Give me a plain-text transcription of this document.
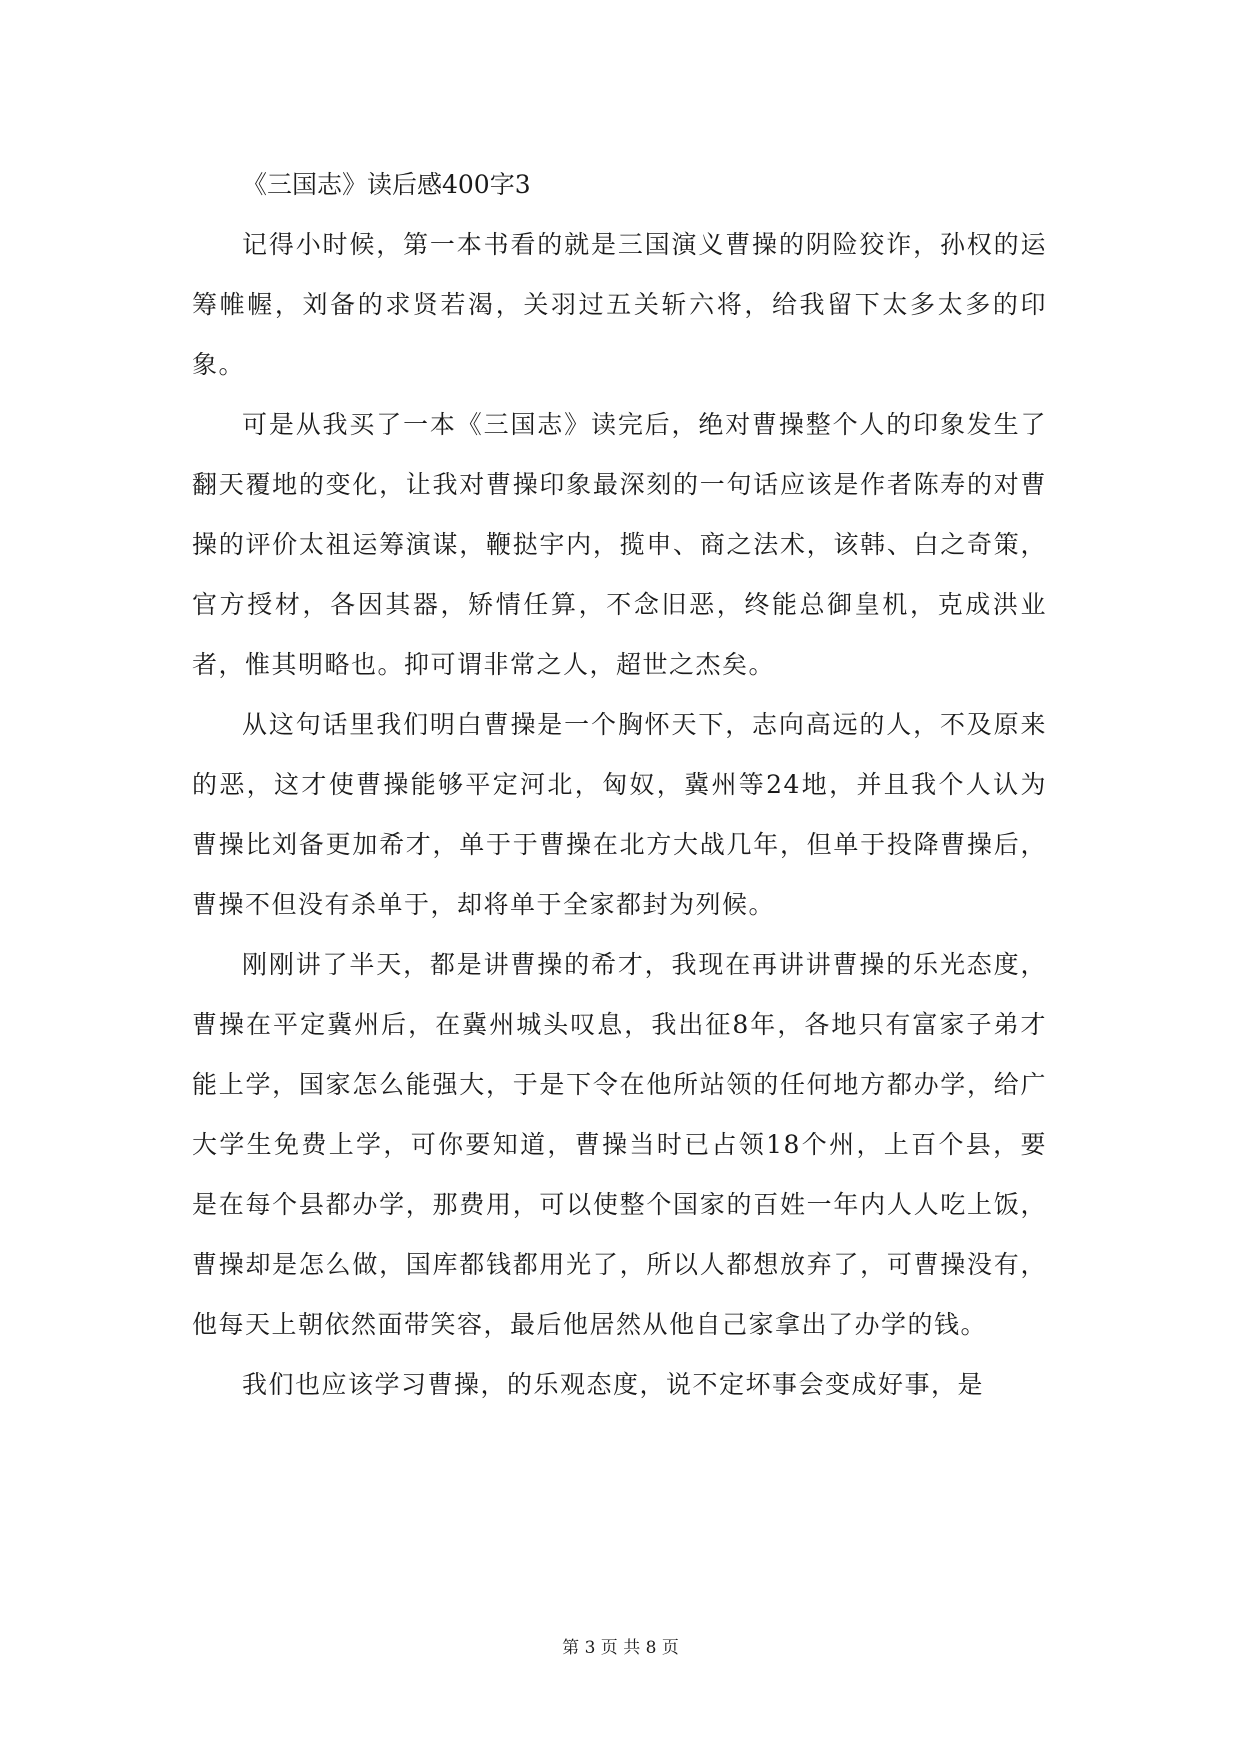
《三国志》读后感400字3

记得小时候，第一本书看的就是三国演义曹操的阴险狡诈，孙权的运筹帷幄，刘备的求贤若渴，关羽过五关斩六将，给我留下太多太多的印象。

可是从我买了一本《三国志》读完后，绝对曹操整个人的印象发生了翻天覆地的变化，让我对曹操印象最深刻的一句话应该是作者陈寿的对曹操的评价太祖运筹演谋，鞭挞宇内，揽申、商之法术，该韩、白之奇策，官方授材，各因其器，矫情任算，不念旧恶，终能总御皇机，克成洪业者，惟其明略也。抑可谓非常之人，超世之杰矣。

从这句话里我们明白曹操是一个胸怀天下，志向高远的人，不及原来的恶，这才使曹操能够平定河北，匈奴，冀州等24地，并且我个人认为曹操比刘备更加希才，单于于曹操在北方大战几年，但单于投降曹操后，曹操不但没有杀单于，却将单于全家都封为列候。

刚刚讲了半天，都是讲曹操的希才，我现在再讲讲曹操的乐光态度，曹操在平定冀州后，在冀州城头叹息，我出征8年，各地只有富家子弟才能上学，国家怎么能强大，于是下令在他所站领的任何地方都办学，给广大学生免费上学，可你要知道，曹操当时已占领18个州，上百个县，要是在每个县都办学，那费用，可以使整个国家的百姓一年内人人吃上饭，曹操却是怎么做，国库都钱都用光了，所以人都想放弃了，可曹操没有，他每天上朝依然面带笑容，最后他居然从他自己家拿出了办学的钱。

我们也应该学习曹操，的乐观态度，说不定坏事会变成好事，是

第 3 页 共 8 页
